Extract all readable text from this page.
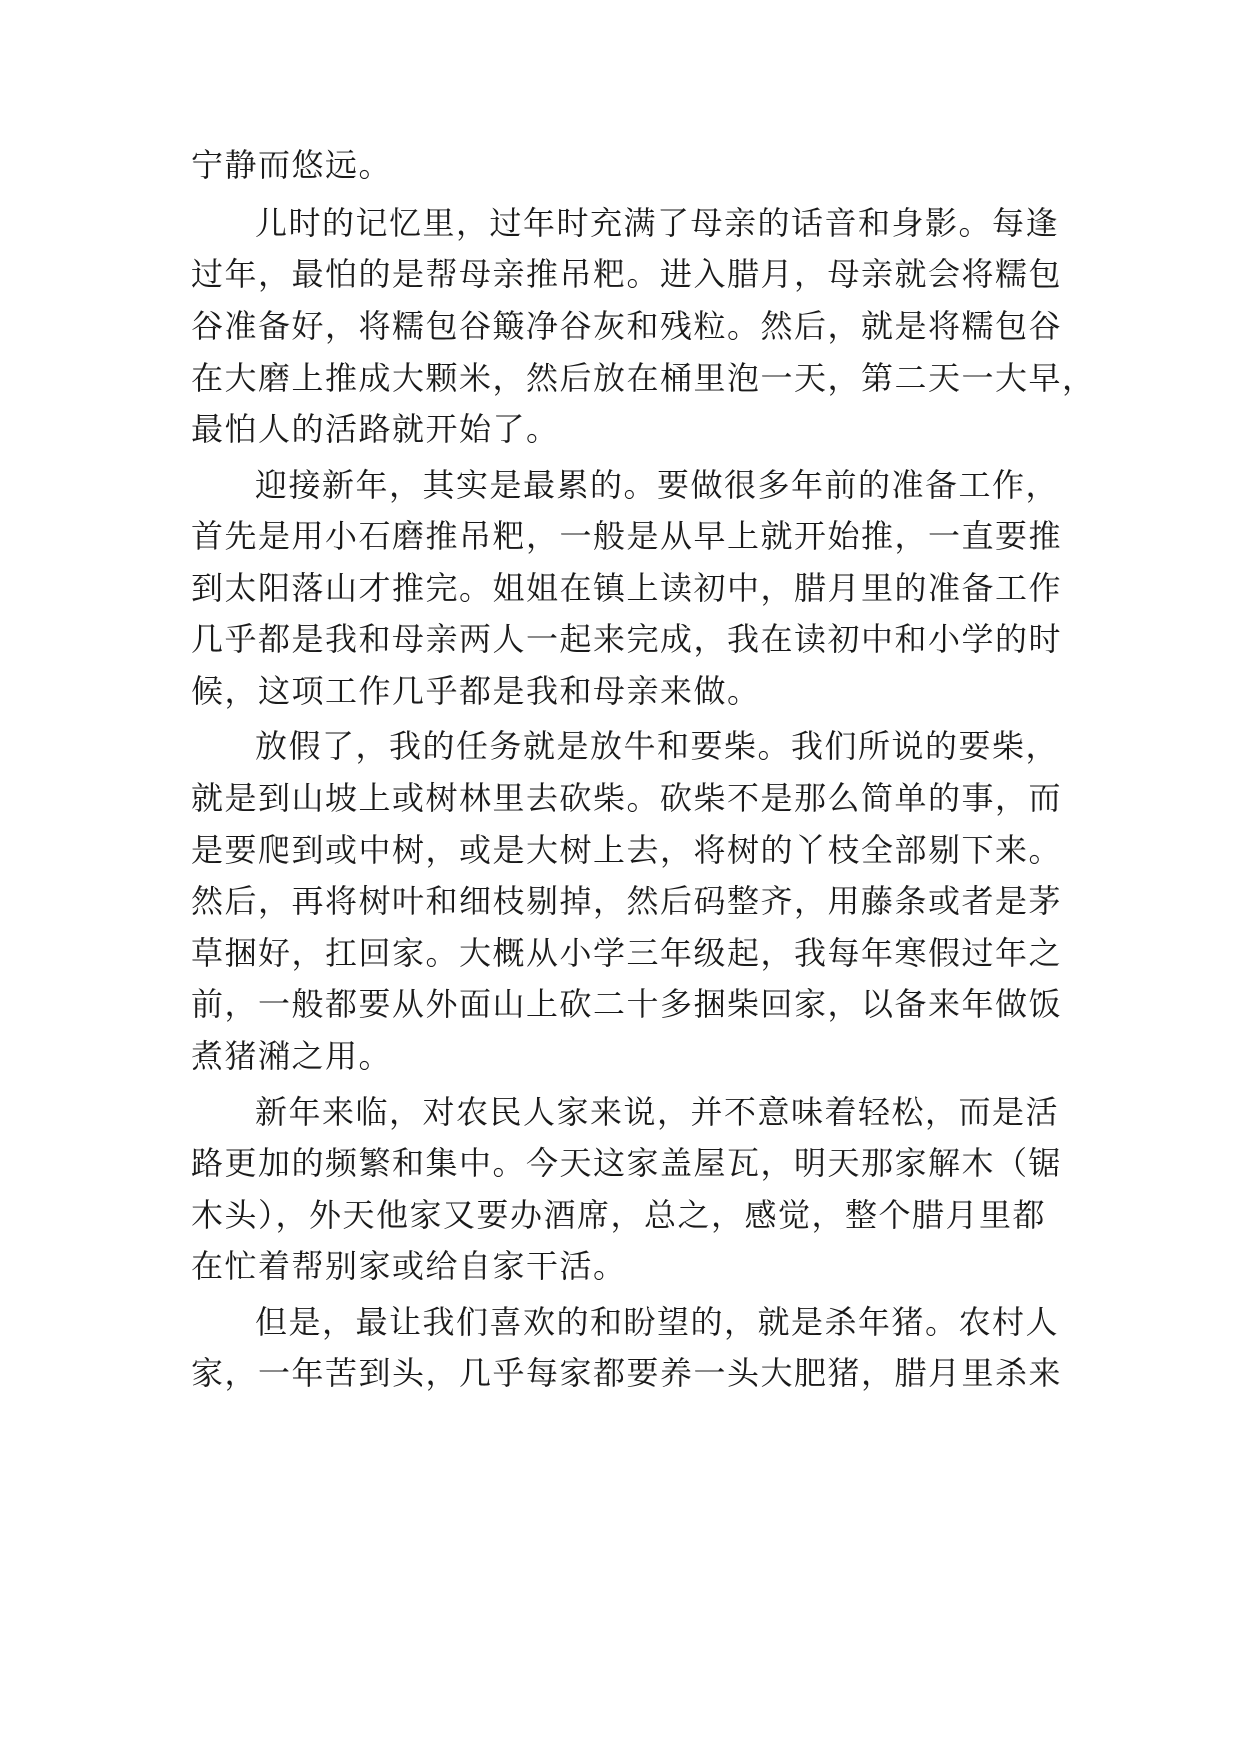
宁静而悠远。
儿时的记忆里，过年时充满了母亲的话音和身影。每逢
过年，最怕的是帮母亲推吊粑。进入腊月，母亲就会将糯包
谷准备好，将糯包谷簸净谷灰和残粒。然后，就是将糯包谷
在大磨上推成大颗米，然后放在桶里泡一天，第二天一大早，
最怕人的活路就开始了。
迎接新年，其实是最累的。要做很多年前的准备工作，
首先是用小石磨推吊粑，一般是从早上就开始推，一直要推
到太阳落山才推完。姐姐在镇上读初中，腊月里的准备工作
几乎都是我和母亲两人一起来完成，我在读初中和小学的时
候，这项工作几乎都是我和母亲来做。
放假了，我的任务就是放牛和要柴。我们所说的要柴，
就是到山坡上或树林里去砍柴。砍柴不是那么简单的事，而
是要爬到或中树，或是大树上去，将树的丫枝全部剔下来。
然后，再将树叶和细枝剔掉，然后码整齐，用藤条或者是茅
草捆好，扛回家。大概从小学三年级起，我每年寒假过年之
前，一般都要从外面山上砍二十多捆柴回家，以备来年做饭
煮猪潲之用。
新年来临，对农民人家来说，并不意味着轻松，而是活
路更加的频繁和集中。今天这家盖屋瓦，明天那家解木（锯
木头），外天他家又要办酒席，总之，感觉，整个腊月里都
在忙着帮别家或给自家干活。
但是，最让我们喜欢的和盼望的，就是杀年猪。农村人
家，一年苦到头，几乎每家都要养一头大肥猪，腊月里杀来
